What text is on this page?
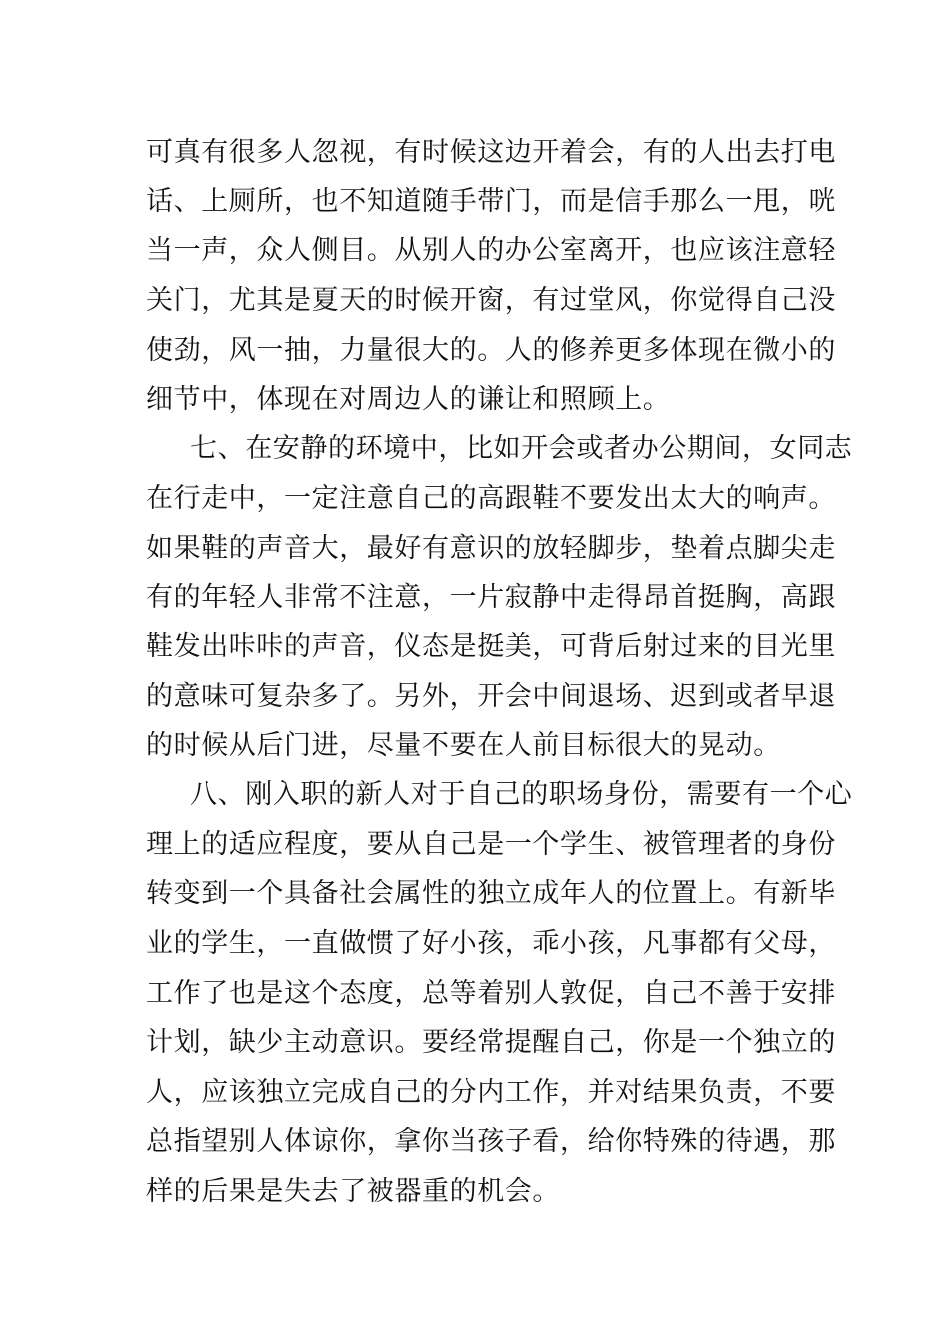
可真有很多人忽视，有时候这边开着会，有的人出去打电
话、上厕所，也不知道随手带门，而是信手那么一甩，咣
当一声，众人侧目。从别人的办公室离开，也应该注意轻
关门，尤其是夏天的时候开窗，有过堂风，你觉得自己没
使劲，风一抽，力量很大的。人的修养更多体现在微小的
细节中，体现在对周边人的谦让和照顾上。
七、在安静的环境中，比如开会或者办公期间，女同志
在行走中，一定注意自己的高跟鞋不要发出太大的响声。
如果鞋的声音大，最好有意识的放轻脚步，垫着点脚尖走
有的年轻人非常不注意，一片寂静中走得昂首挺胸，高跟
鞋发出咔咔的声音，仪态是挺美，可背后射过来的目光里
的意味可复杂多了。另外，开会中间退场、迟到或者早退
的时候从后门进，尽量不要在人前目标很大的晃动。
八、刚入职的新人对于自己的职场身份，需要有一个心
理上的适应程度，要从自己是一个学生、被管理者的身份
转变到一个具备社会属性的独立成年人的位置上。有新毕
业的学生，一直做惯了好小孩，乖小孩，凡事都有父母，
工作了也是这个态度，总等着别人敦促，自己不善于安排
计划，缺少主动意识。要经常提醒自己，你是一个独立的
人，应该独立完成自己的分内工作，并对结果负责，不要
总指望别人体谅你，拿你当孩子看，给你特殊的待遇，那
样的后果是失去了被器重的机会。
